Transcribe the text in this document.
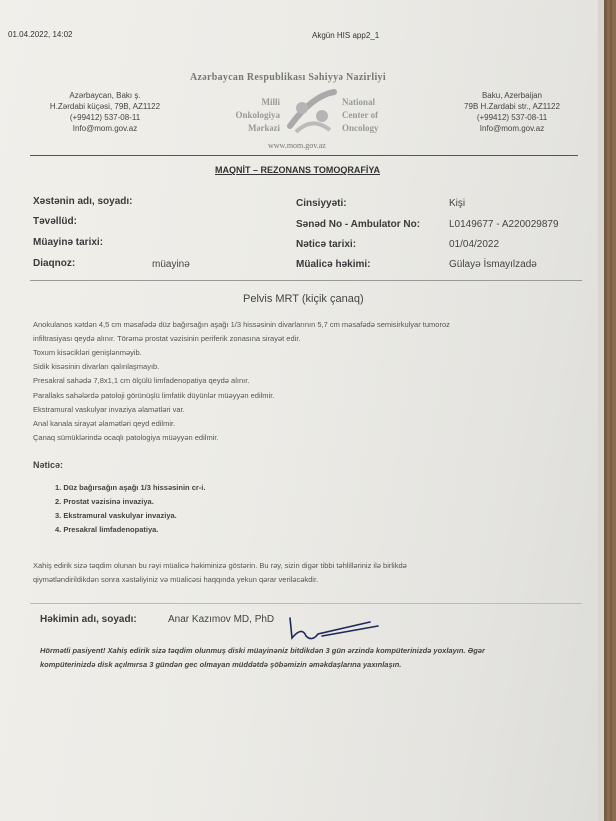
01.04.2022, 14:02	Akgün HIS app2_1
Azərbaycan Respublikası Səhiyyə Nazirliyi
Azərbaycan, Bakı ş.
H.Zərdabi küçəsi, 79B, AZ1122
(+99412) 537-08-11
Info@mom.gov.az
Baku, Azerbaijan
79B H.Zardabi str., AZ1122
(+99412) 537-08-11
Info@mom.gov.az
Milli
Onkologiya
Mərkəzi
National
Center of
Oncology
www.mom.gov.az
MAQNİT – REZONANS TOMOQRAFİYA
Xəstənin adı, soyadı:
Təvəllüd:
Müayinə tarixi:
Diaqnoz:	müayinə
Cinsiyyəti:	Kişi
Sənəd No - Ambulator No:	L0149677 - A220029879
Nəticə tarixi:	01/04/2022
Müalicə həkimi:	Gülayə İsmayılzadə
Pelvis MRT (kiçik çanaq)
Anokulanos xətdən 4,5 cm məsafədə düz bağırsağın aşağı 1/3 hissəsinin divarlarının 5,7 cm məsafədə semisirkulyar tumoroz
infiltrasiyası qeydə alınır. Törəmə prostat vəzisinin periferik zonasına sirayət edir.
Toxum kisəcikləri genişlənməyib.
Sidik kisəsinin divarları qalınlaşmayıb.
Presakral sahədə 7,8x1,1 cm ölçülü limfadenopatiya qeydə alınır.
Parallaks sahələrdə patoloji görünüşlü limfatik düyünlər müəyyən edilmir.
Ekstramural vaskulyar invaziya əlamətləri var.
Anal kanala sirayət əlamətləri qeyd edilmir.
Çanaq sümüklərində ocaqlı patologiya müəyyən edilmir.
Nəticə:
1. Düz bağırsağın aşağı 1/3 hissəsinin cr-i.
2. Prostat vəzisinə invaziya.
3. Ekstramural vaskulyar invaziya.
4. Presakral limfadenopatiya.
Xahiş edirik sizə təqdim olunan bu rəyi müalicə həkiminizə göstərin. Bu rəy, sizin digər tibbi təhlilləriniz ilə birlikdə
qiymətləndirildikdən sonra xəstəliyiniz və müalicəsi haqqında yekun qərar veriləcəkdir.
Həkimin adı, soyadı:	Anar Kazımov MD, PhD
Hörmətli pasiyent! Xahiş edirik sizə təqdim olunmuş diski müayinəniz bitdikdən 3 gün ərzində kompüterinizdə yoxlayın. Əgər
kompüterinizdə disk açılmırsa 3 gündən gec olmayan müddətdə şöbəmizin əməkdaşlarına yaxınlaşın.
